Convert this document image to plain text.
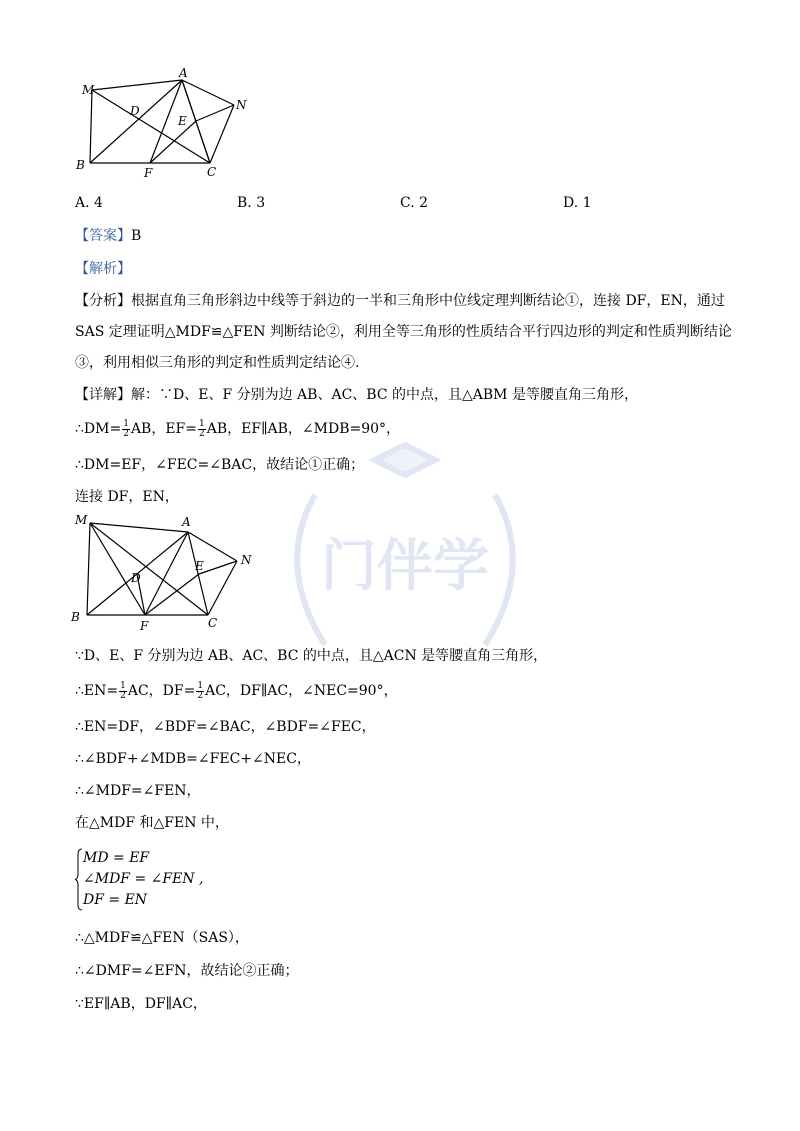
M
A
N
D
E
B
F	C
A. 4	B. 3	C. 2	D. 1
门伴学
【答案】B
【解析】
【分析】根据直角三角形斜边中线等于斜边的一半和三角形中位线定理判断结论①，连接 DF，EN，通过
SAS 定理证明△MDF≌△FEN 判断结论②，利用全等三角形的性质结合平行四边形的判定和性质判断结论
③，利用相似三角形的判定和性质判定结论④.
【详解】解：∵D、E、F 分别为边 AB、AC、BC 的中点，且△ABM 是等腰直角三角形，
∴DM= $\frac{1}{2}$ AB，$EF= \frac{1}{2}$ AB，EF∥AB，∠MDB=90°，
∴DM=EF，∠FEC=∠BAC，故结论①正确；
连接 DF，EN，
M	A
N
D
E
B
F	C
∵D、E、F 分别为边 AB、AC、BC 的中点，且△ACN 是等腰直角三角形，
∴EN= $\frac{1}{2}$ AC，$DF= \frac{1}{2}$ AC，DF∥AC，∠NEC=90°，
∴EN=DF，∠BDF=∠BAC，∠BDF=∠FEC，
∴∠BDF+∠MDB=∠FEC+∠NEC，
∴∠MDF=∠FEN，
在△MDF 和△FEN 中，
MD = EF
∠MDF = ∠FEN ,
DF = EN
∴△MDF≌△FEN（SAS），
∴∠DMF=∠EFN，故结论②正确；
∵EF∥AB，DF∥AC，
